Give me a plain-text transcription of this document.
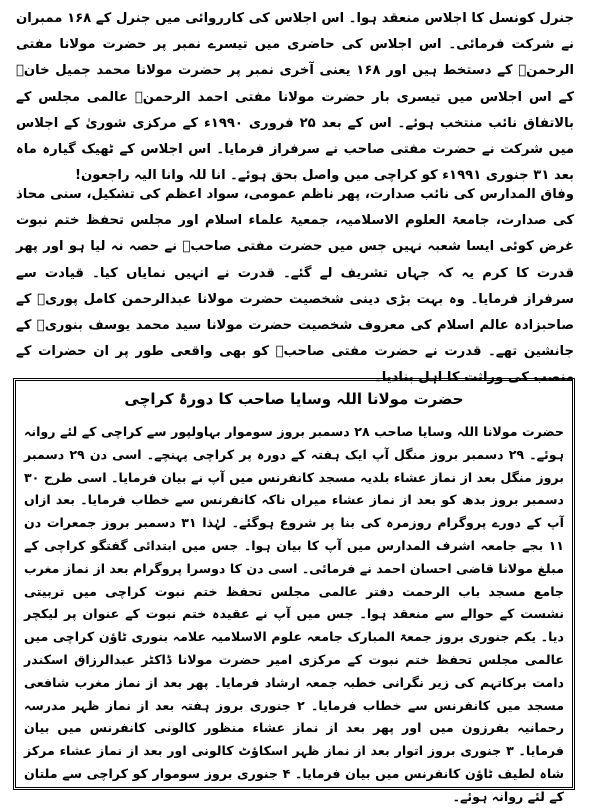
جنرل کونسل کا اجلاس منعقد ہوا۔ اس اجلاس کی کارروائی میں جنرل کے ۱۶۸ ممبران نے شرکت فرمائی۔ اس اجلاس کی حاضری میں تیسرے نمبر پر حضرت مولانا مفتی الرحمنؒ کے دستخط ہیں اور ۱۶۸ یعنی آخری نمبر پر حضرت مولانا محمد جمیل خانؒ کے اس اجلاس میں تیسری بار حضرت مولانا مفتی احمد الرحمنؒ عالمی مجلس کے بالاتفاق نائب منتخب ہوئے۔ اس کے بعد ۲۵ فروری ۱۹۹۰ء کے مرکزی شوریٰ کے اجلاس میں شرکت نے حضرت مفتی صاحب نے سرفراز فرمایا۔ اس اجلاس کے ٹھیک گیارہ ماہ بعد ۳۱ جنوری ۱۹۹۱ء کو کراچی میں واصل بحق ہوئے۔ انا للہ وانا الیہ راجعون!
وفاق المدارس کی نائب صدارت، پھر ناظم عمومی، سواد اعظم کی تشکیل، سنی محاذ کی صدارت، جامعۃ العلوم الاسلامیہ، جمعیۃ علماء اسلام اور مجلس تحفظ ختم نبوت غرض کوئی ایسا شعبہ نہیں جس میں حضرت مفتی صاحبؒ نے حصہ نہ لیا ہو اور پھر قدرت کا کرم یہ کہ جہاں تشریف لے گئے۔ قدرت نے انہیں نمایاں کیا۔ قیادت سے سرفراز فرمایا۔ وہ بہت بڑی دینی شخصیت حضرت مولانا عبدالرحمن کامل پوریؒ کے صاحبزادہ عالم اسلام کی معروف شخصیت حضرت مولانا سید محمد یوسف بنوریؒ کے جانشین تھے۔ قدرت نے حضرت مفتی صاحبؒ کو بھی واقعی طور پر ان حضرات کے منصب کی وراثت کا اہل بنادیا۔
حضرت مولانا اللہ وسایا صاحب کا دورۂ کراچی
حضرت مولانا اللہ وسایا صاحب ۲۸ دسمبر بروز سوموار بہاولپور سے کراچی کے لئے روانہ ہوئے۔ ۲۹ دسمبر بروز منگل آپ ایک ہفتہ کے دورہ پر کراچی پہنچے۔ اسی دن ۲۹ دسمبر بروز منگل بعد از نماز عشاء بلدیہ مسجد کانفرنس میں آپ نے بیان فرمایا۔ اسی طرح ۳۰ دسمبر بروز بدھ کو بعد از نماز عشاء میراں ناکہ کانفرنس سے خطاب فرمایا۔ بعد ازاں آپ کے دورے پروگرام روزمرہ کی بنا پر شروع ہوگئے۔ لہٰذا ۳۱ دسمبر بروز جمعرات دن ۱۱ بجے جامعہ اشرف المدارس میں آپ کا بیان ہوا۔ جس میں ابتدائی گفتگو کراچی کے مبلغ مولانا قاضی احسان احمد نے فرمائی۔ اسی دن کا دوسرا پروگرام بعد از نماز مغرب جامع مسجد باب الرحمت دفتر عالمی مجلس تحفظ ختم نبوت کراچی میں تربیتی نشست کے حوالے سے منعقد ہوا۔ جس میں آپ نے عقیدہ ختم نبوت کے عنوان پر لیکچر دیا۔ یکم جنوری بروز جمعۃ المبارک جامعہ علوم الاسلامیہ علامہ بنوری ٹاؤن کراچی میں عالمی مجلس تحفظ ختم نبوت کے مرکزی امیر حضرت مولانا ڈاکٹر عبدالرزاق اسکندر دامت برکاتہم کی زیر نگرانی خطبہ جمعہ ارشاد فرمایا۔ پھر بعد از نماز مغرب شافعی مسجد میں کانفرنس سے خطاب فرمایا۔ ۲ جنوری بروز ہفتہ بعد از نماز ظہر مدرسہ رحمانیہ بفرزون میں اور پھر بعد از نماز عشاء منظور کالونی کانفرنس میں بیان فرمایا۔ ۳ جنوری بروز اتوار بعد از نماز ظہر اسکاؤٹ کالونی اور بعد از نماز عشاء مرکز شاہ لطیف ٹاؤن کانفرنس میں بیان فرمایا۔ ۴ جنوری بروز سوموار کو کراچی سے ملتان کے لئے روانہ ہوئے۔
